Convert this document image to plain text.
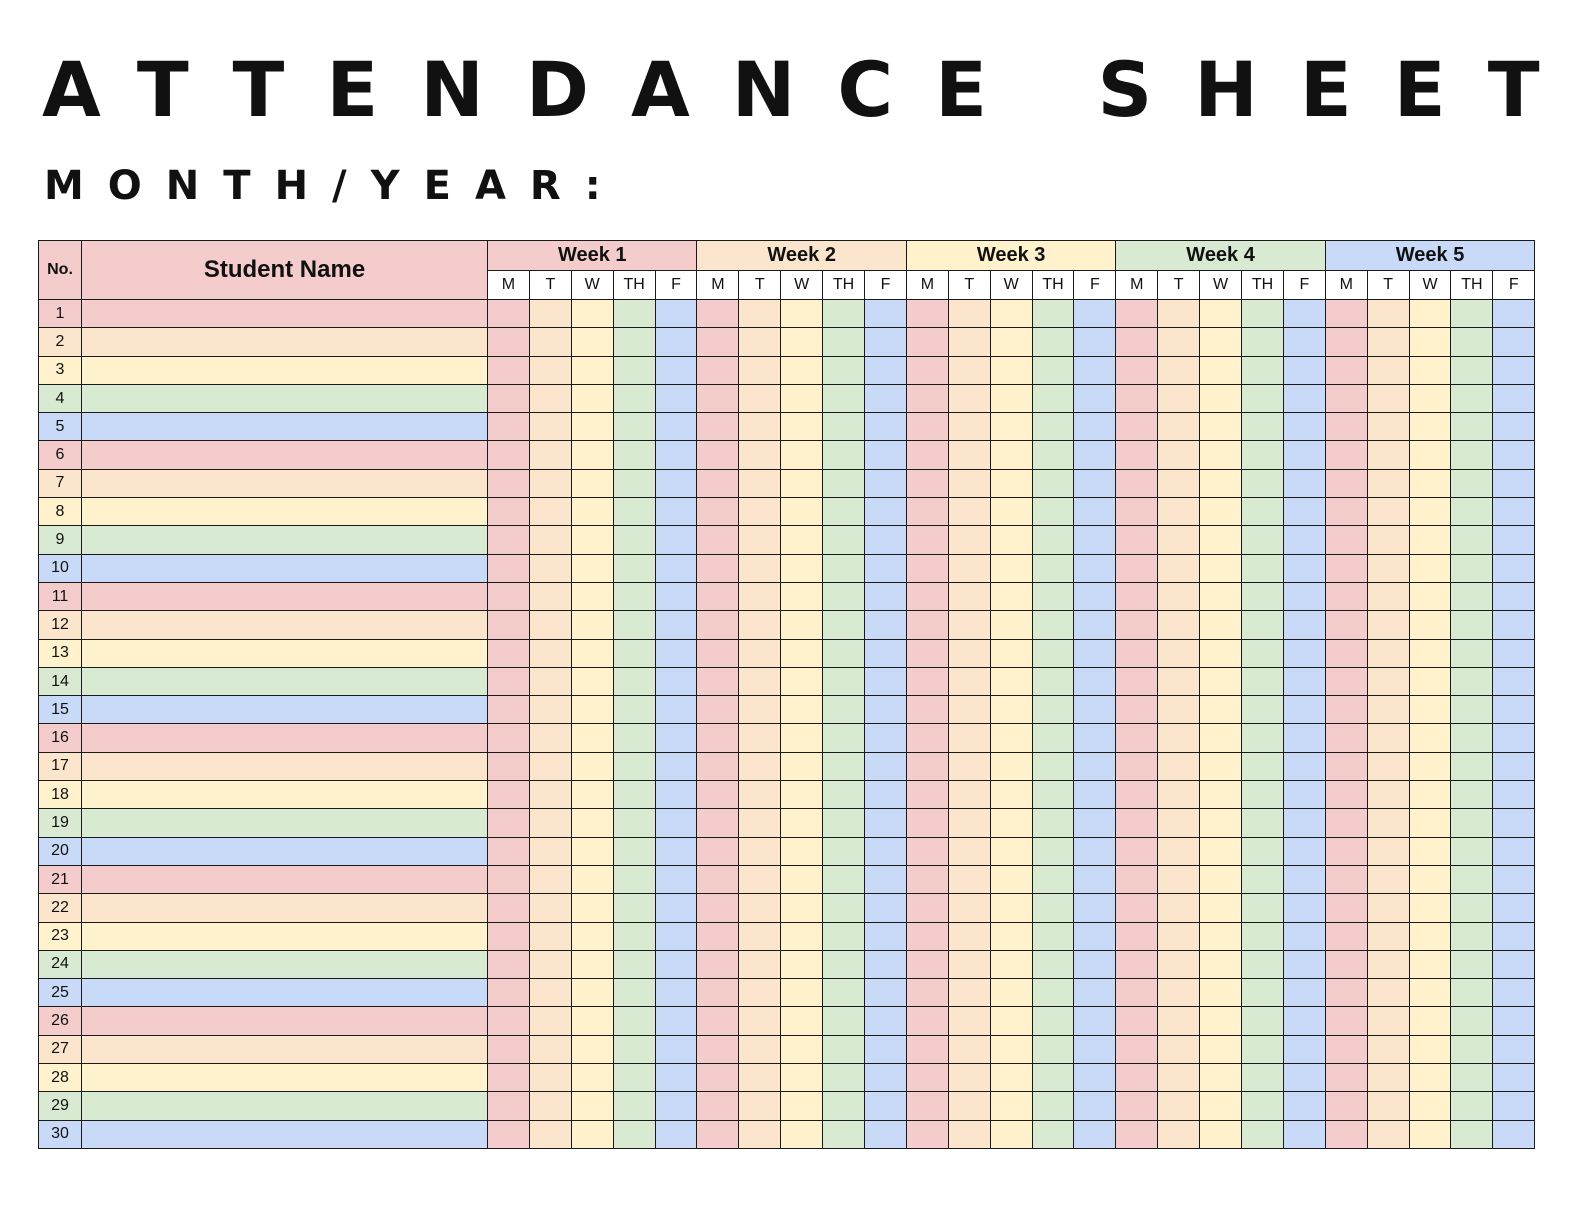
ATTENDANCE SHEET
MONTH/YEAR:
No.	Student Name	Week 1					Week 2					Week 3					Week 4					Week 5				
		M	T	W	TH	F	M	T	W	TH	F	M	T	W	TH	F	M	T	W	TH	F	M	T	W	TH	F
1																										
2																										
3																										
4																										
5																										
6																										
7																										
8																										
9																										
10																										
11																										
12																										
13																										
14																										
15																										
16																										
17																										
18																										
19																										
20																										
21																										
22																										
23																										
24																										
25																										
26																										
27																										
28																										
29																										
30																										
